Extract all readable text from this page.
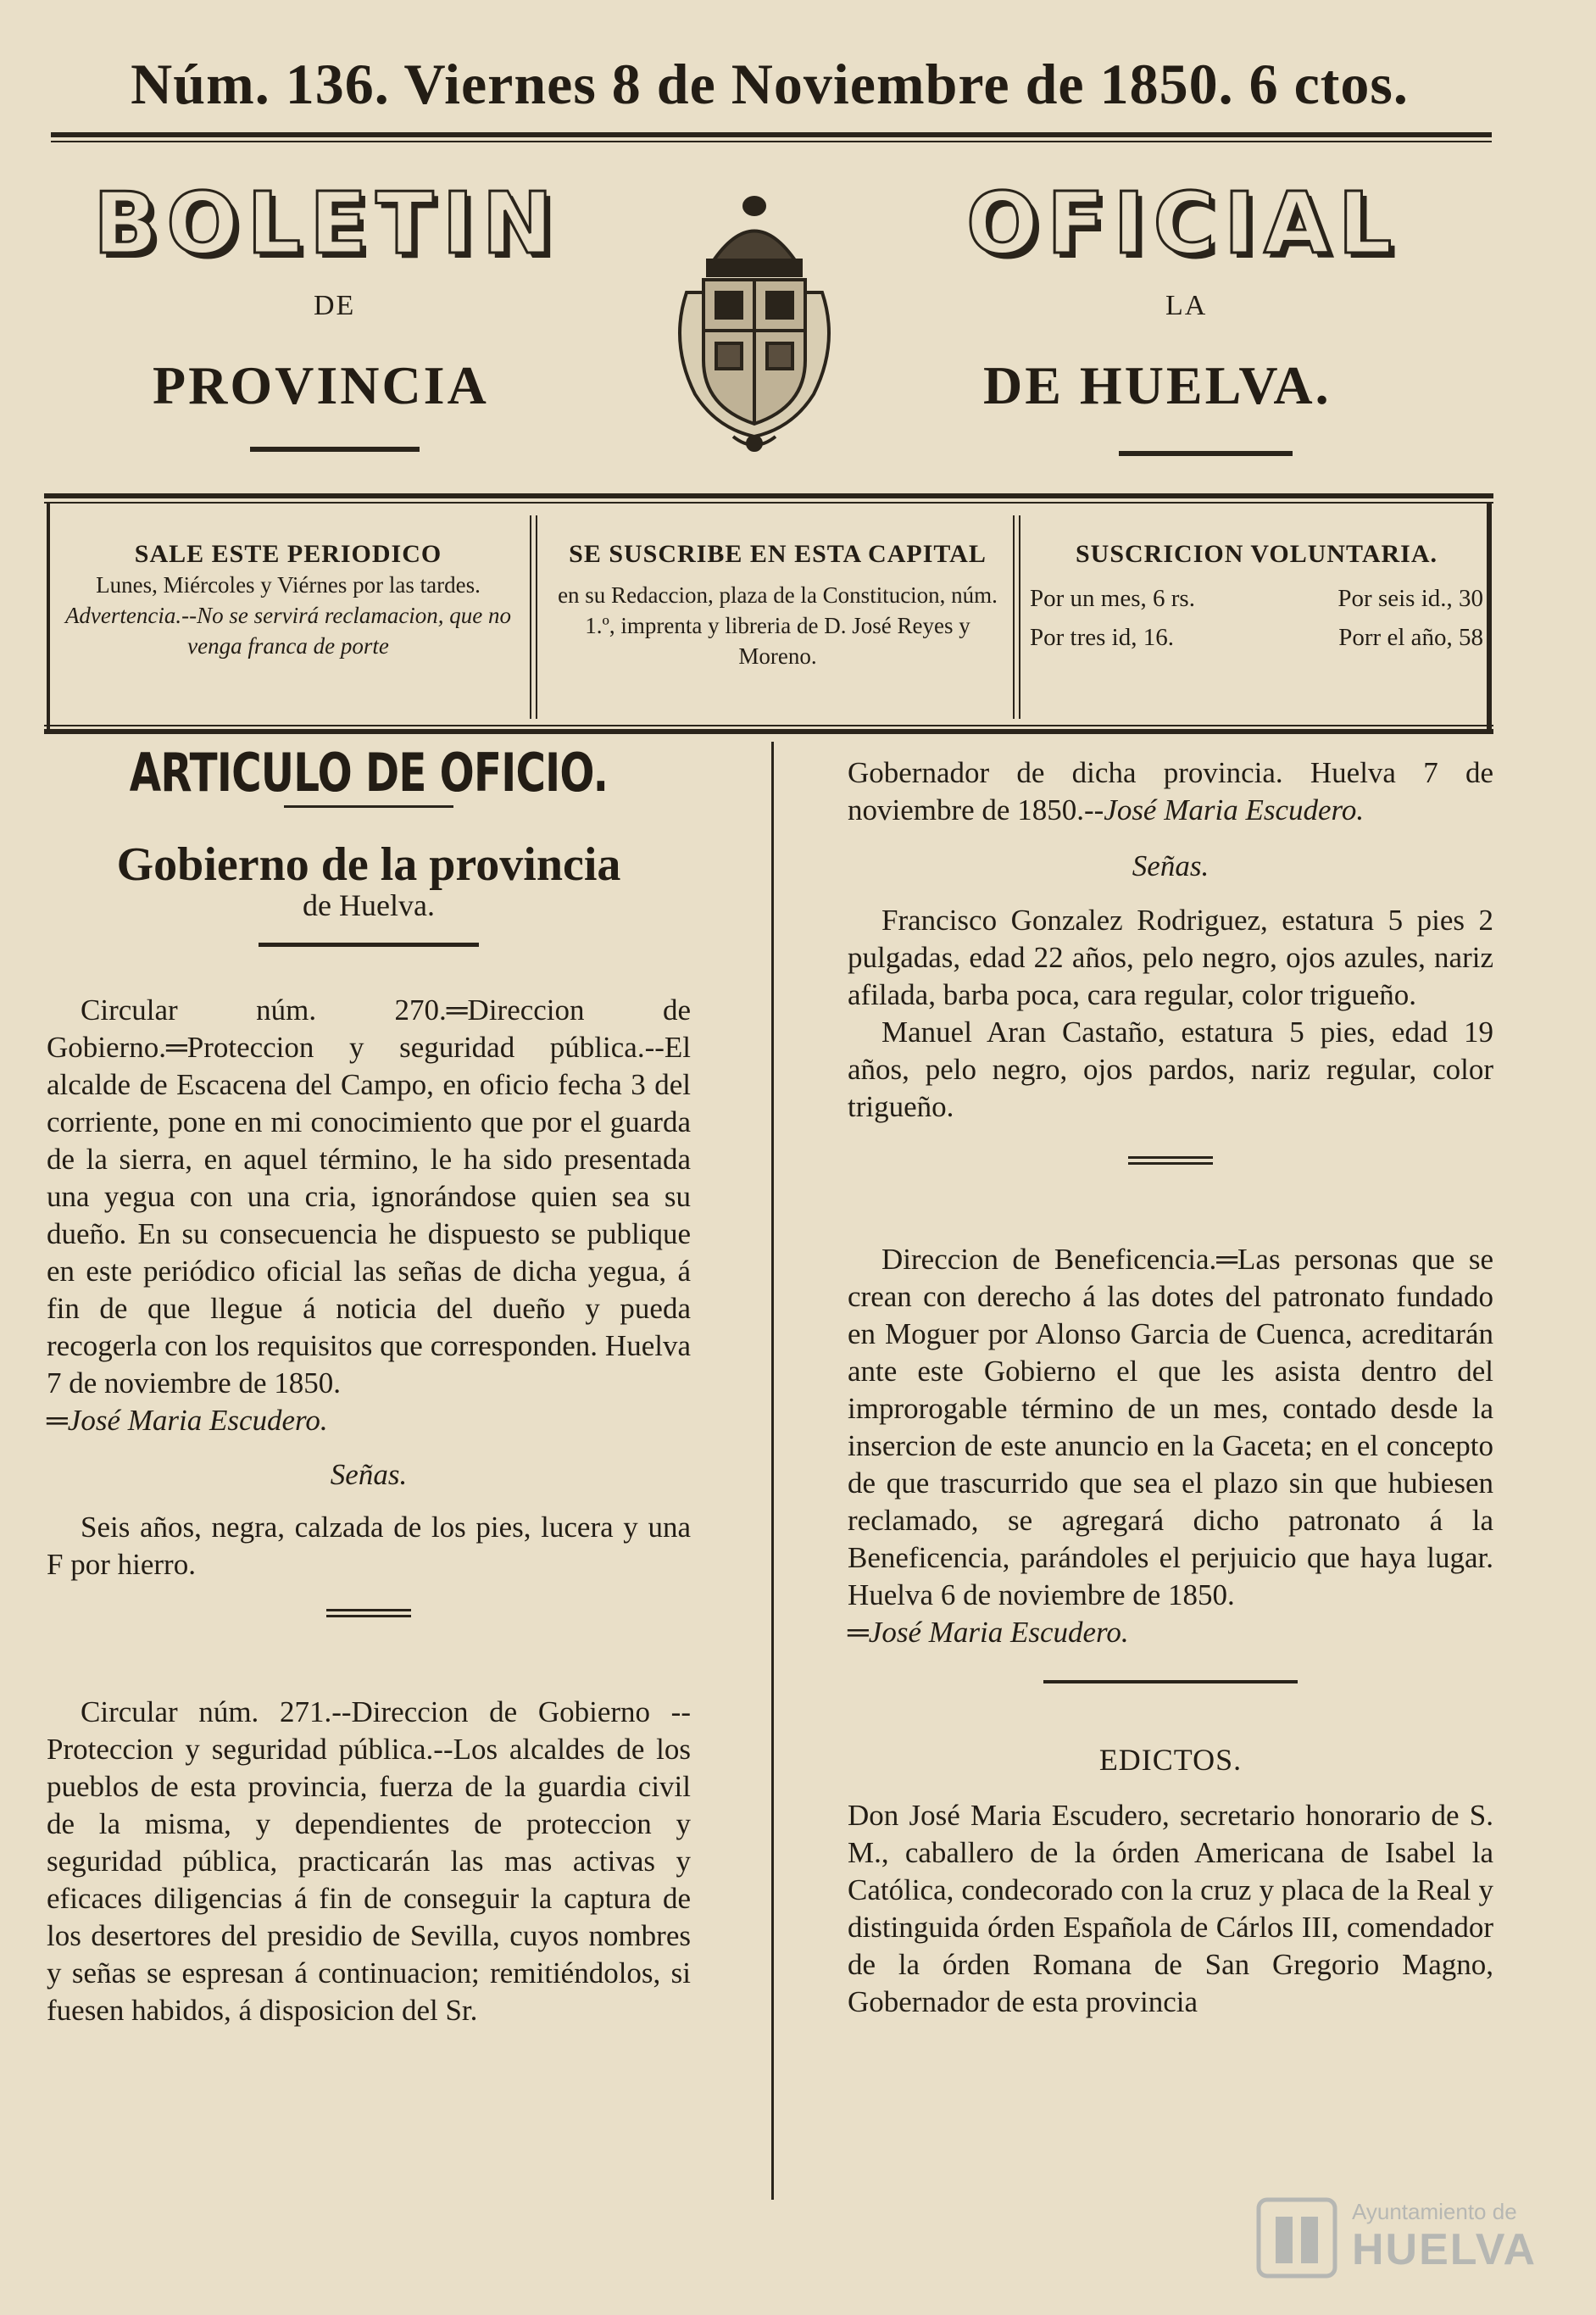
Núm. 136. Viernes 8 de Noviembre de 1850. 6 ctos.
BOLETIN
DE
PROVINCIA
OFICIAL
LA
DE HUELVA.
SALE ESTE PERIODICO
Lunes, Miércoles y Viérnes por las tardes.
Advertencia.--No se servirá reclamacion, que no venga franca de porte
SE SUSCRIBE EN ESTA CAPITAL
en su Redaccion, plaza de la Constitucion, núm. 1.º, imprenta y libreria de D. José Reyes y Moreno.
SUSCRICION VOLUNTARIA.
Por un mes, 6 rs.	Por seis id., 30
Por tres id, 16.	Porr el año, 58
ARTICULO DE OFICIO.
Gobierno de la provincia
de Huelva.

Circular núm. 270.═Direccion de Gobierno.═Proteccion y seguridad pública.--El alcalde de Escacena del Campo, en oficio fecha 3 del corriente, pone en mi conocimiento que por el guarda de la sierra, en aquel término, le ha sido presentada una yegua con una cria, ignorándose quien sea su dueño. En su consecuencia he dispuesto se publique en este periódico oficial las señas de dicha yegua, á fin de que llegue á noticia del dueño y pueda recogerla con los requisitos que corresponden. Huelva 7 de noviembre de 1850.

═José Maria Escudero.

Señas.

Seis años, negra, calzada de los pies, lucera y una F por hierro.

Circular núm. 271.--Direccion de Gobierno --Proteccion y seguridad pública.--Los alcaldes de los pueblos de esta provincia, fuerza de la guardia civil de la misma, y dependientes de proteccion y seguridad pública, practicarán las mas activas y eficaces diligencias á fin de conseguir la captura de los desertores del presidio de Sevilla, cuyos nombres y señas se espresan á continuacion; remitiéndolos, si fuesen habidos, á disposicion del Sr.

Gobernador de dicha provincia. Huelva 7 de noviembre de 1850.--José Maria Escudero.

Señas.

Francisco Gonzalez Rodriguez, estatura 5 pies 2 pulgadas, edad 22 años, pelo negro, ojos azules, nariz afilada, barba poca, cara regular, color trigueño.

Manuel Aran Castaño, estatura 5 pies, edad 19 años, pelo negro, ojos pardos, nariz regular, color trigueño.

Direccion de Beneficencia.═Las personas que se crean con derecho á las dotes del patronato fundado en Moguer por Alonso Garcia de Cuenca, acreditarán ante este Gobierno el que les asista dentro del improrogable término de un mes, contado desde la insercion de este anuncio en la Gaceta; en el concepto de que trascurrido que sea el plazo sin que hubiesen reclamado, se agregará dicho patronato á la Beneficencia, parándoles el perjuicio que haya lugar. Huelva 6 de noviembre de 1850.

═José Maria Escudero.

EDICTOS.

Don José Maria Escudero, secretario honorario de S. M., caballero de la órden Americana de Isabel la Católica, condecorado con la cruz y placa de la Real y distinguida órden Española de Cárlos III, comendador de la órden Romana de San Gregorio Magno, Gobernador de esta provincia

Ayuntamiento de
HUELVA
